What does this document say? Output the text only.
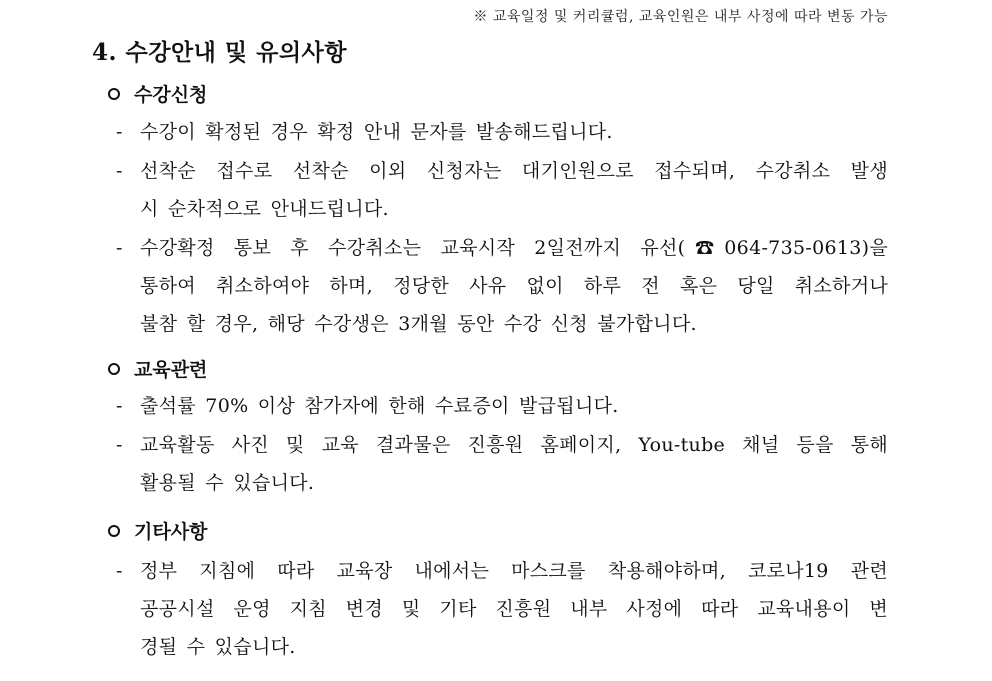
※ 교육일정 및 커리큘럼, 교육인원은 내부 사정에 따라 변동 가능
4. 수강안내 및 유의사항
수강신청
- 수강이 확정된 경우 확정 안내 문자를 발송해드립니다.
- 선착순 접수로 선착순 이외 신청자는 대기인원으로 접수되며, 수강취소 발생
시 순차적으로 안내드립니다.
- 수강확정 통보 후 수강취소는 교육시작 2일전까지 유선(☎064-735-0613)을
통하여 취소하여야 하며, 정당한 사유 없이 하루 전 혹은 당일 취소하거나
불참 할 경우, 해당 수강생은 3개월 동안 수강 신청 불가합니다.
교육관련
- 출석률 70% 이상 참가자에 한해 수료증이 발급됩니다.
- 교육활동 사진 및 교육 결과물은 진흥원 홈페이지, You-tube 채널 등을 통해
활용될 수 있습니다.
기타사항
- 정부 지침에 따라 교육장 내에서는 마스크를 착용해야하며, 코로나19 관련
공공시설 운영 지침 변경 및 기타 진흥원 내부 사정에 따라 교육내용이 변
경될 수 있습니다.
